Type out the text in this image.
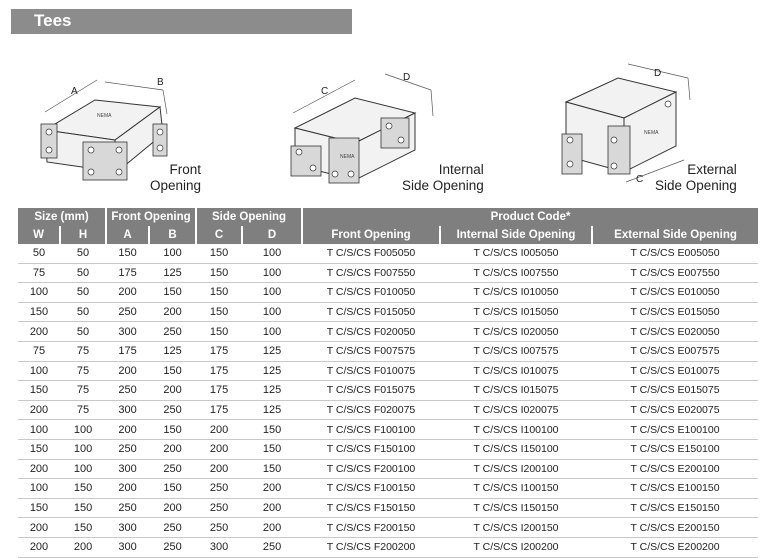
Tees
A
B
NEMA
Front
Opening
C
D
NEMA
Internal
Side Opening
D
C
NEMA
External
Side Opening
Size (mm)		Front Opening		Side Opening		Product Code*		
W	H	A	B	C	D	Front Opening	Internal Side Opening	External Side Opening
50	50	150	100	150	100	T C/S/CS F005050	T C/S/CS I005050	T C/S/CS E005050
75	50	175	125	150	100	T C/S/CS F007550	T C/S/CS I007550	T C/S/CS E007550
100	50	200	150	150	100	T C/S/CS F010050	T C/S/CS I010050	T C/S/CS E010050
150	50	250	200	150	100	T C/S/CS F015050	T C/S/CS I015050	T C/S/CS E015050
200	50	300	250	150	100	T C/S/CS F020050	T C/S/CS I020050	T C/S/CS E020050
75	75	175	125	175	125	T C/S/CS F007575	T C/S/CS I007575	T C/S/CS E007575
100	75	200	150	175	125	T C/S/CS F010075	T C/S/CS I010075	T C/S/CS E010075
150	75	250	200	175	125	T C/S/CS F015075	T C/S/CS I015075	T C/S/CS E015075
200	75	300	250	175	125	T C/S/CS F020075	T C/S/CS I020075	T C/S/CS E020075
100	100	200	150	200	150	T C/S/CS F100100	T C/S/CS I100100	T C/S/CS E100100
150	100	250	200	200	150	T C/S/CS F150100	T C/S/CS I150100	T C/S/CS E150100
200	100	300	250	200	150	T C/S/CS F200100	T C/S/CS I200100	T C/S/CS E200100
100	150	200	150	250	200	T C/S/CS F100150	T C/S/CS I100150	T C/S/CS E100150
150	150	250	200	250	200	T C/S/CS F150150	T C/S/CS I150150	T C/S/CS E150150
200	150	300	250	250	200	T C/S/CS F200150	T C/S/CS I200150	T C/S/CS E200150
200	200	300	250	300	250	T C/S/CS F200200	T C/S/CS I200200	T C/S/CS E200200
